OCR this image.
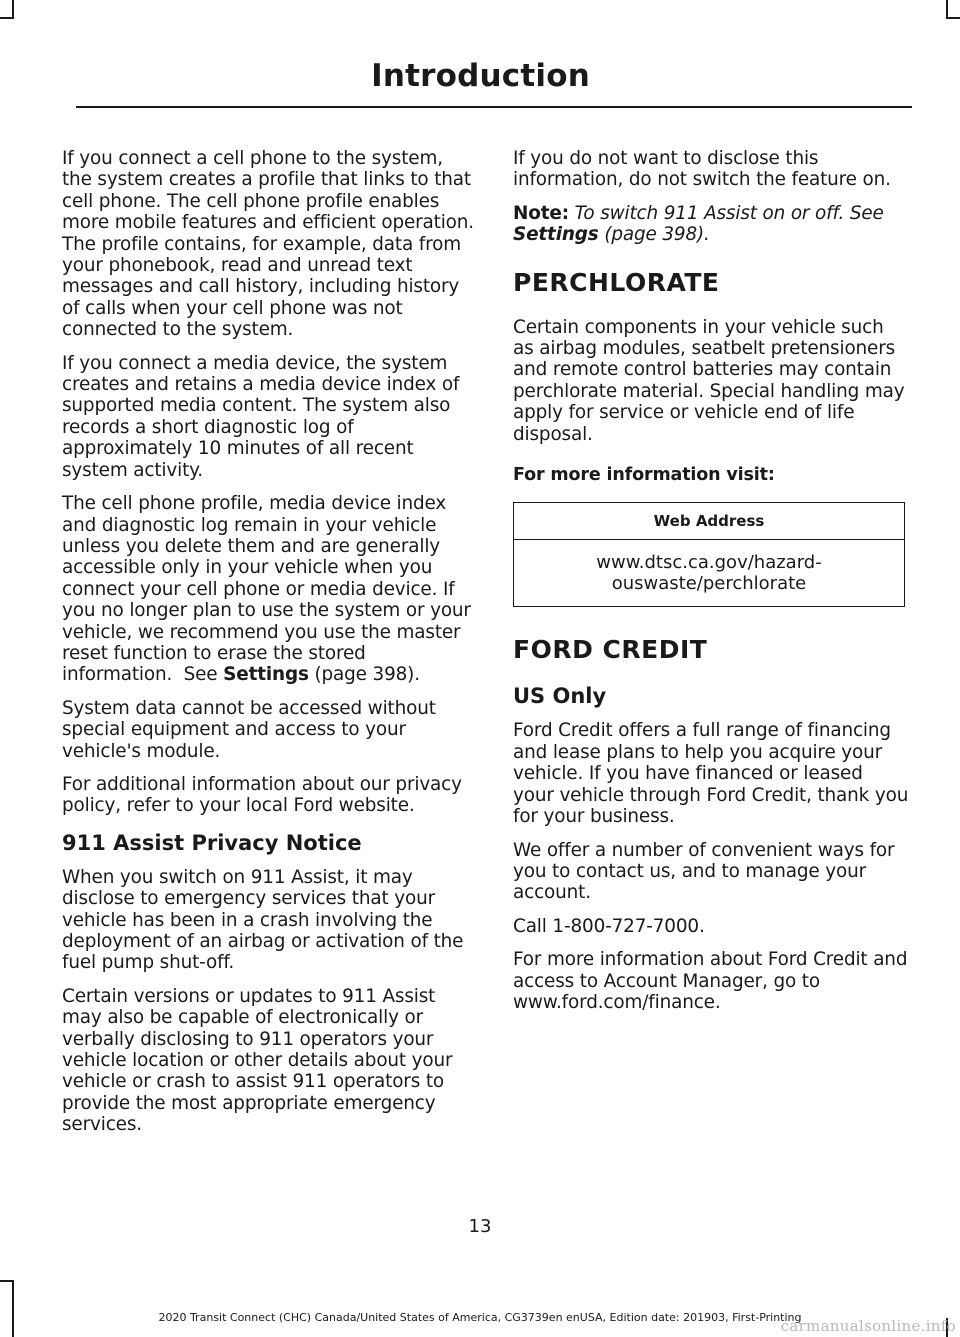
Introduction

If you connect a cell phone to the system, the system creates a profile that links to that cell phone. The cell phone profile enables more mobile features and efficient operation. The profile contains, for example, data from your phonebook, read and unread text messages and call history, including history of calls when your cell phone was not connected to the system.

If you connect a media device, the system creates and retains a media device index of supported media content. The system also records a short diagnostic log of approximately 10 minutes of all recent system activity.

The cell phone profile, media device index and diagnostic log remain in your vehicle unless you delete them and are generally accessible only in your vehicle when you connect your cell phone or media device. If you no longer plan to use the system or your vehicle, we recommend you use the master reset function to erase the stored information. See Settings (page 398).

System data cannot be accessed without special equipment and access to your vehicle's module.

For additional information about our privacy policy, refer to your local Ford website.

911 Assist Privacy Notice

When you switch on 911 Assist, it may disclose to emergency services that your vehicle has been in a crash involving the deployment of an airbag or activation of the fuel pump shut-off.

Certain versions or updates to 911 Assist may also be capable of electronically or verbally disclosing to 911 operators your vehicle location or other details about your vehicle or crash to assist 911 operators to provide the most appropriate emergency services.

If you do not want to disclose this information, do not switch the feature on.

Note: To switch 911 Assist on or off. See Settings (page 398).

PERCHLORATE

Certain components in your vehicle such as airbag modules, seatbelt pretensioners and remote control batteries may contain perchlorate material. Special handling may apply for service or vehicle end of life disposal.

For more information visit:

Web Address
www.dtsc.ca.gov/hazard-ouswaste/perchlorate
FORD CREDIT
US Only

Ford Credit offers a full range of financing and lease plans to help you acquire your vehicle. If you have financed or leased your vehicle through Ford Credit, thank you for your business.

We offer a number of convenient ways for you to contact us, and to manage your account.

Call 1-800-727-7000.

For more information about Ford Credit and access to Account Manager, go to www.ford.com/finance.

13
2020 Transit Connect (CHC) Canada/United States of America, CG3739en enUSA, Edition date: 201903, First-Printing
carmanualsonline.info
